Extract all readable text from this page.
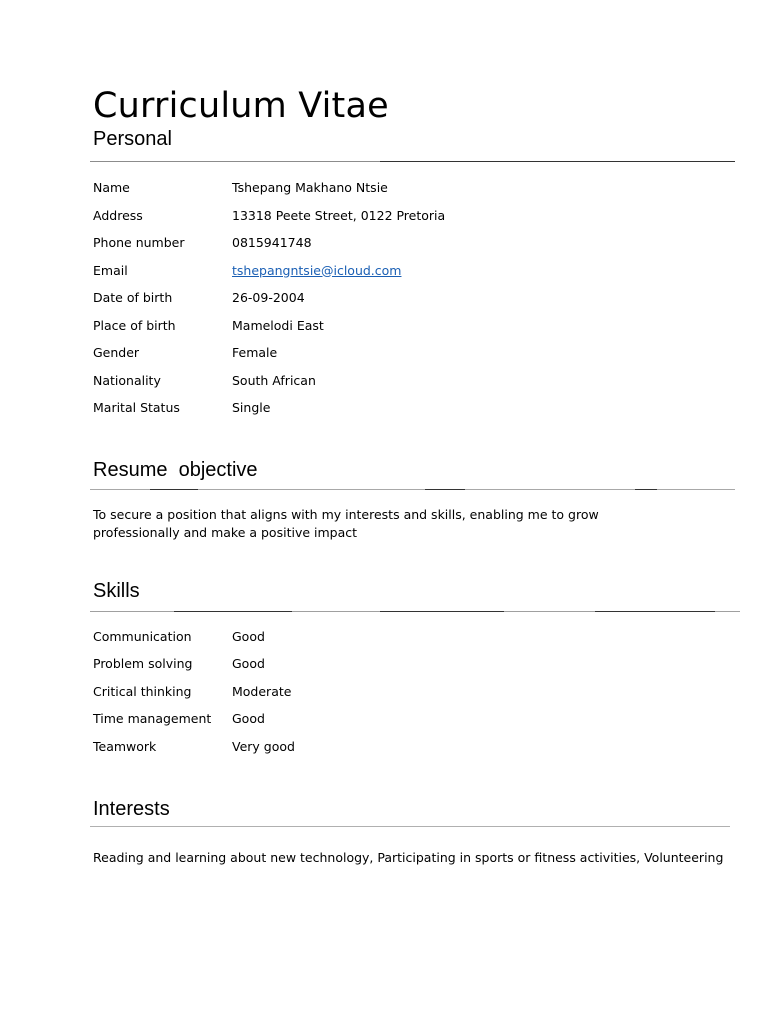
Curriculum Vitae
Personal
Name	Tshepang Makhano Ntsie
Address	13318 Peete Street, 0122 Pretoria
Phone number	0815941748
Email	tshepangntsie@icloud.com
Date of birth	26-09-2004
Place of birth	Mamelodi East
Gender	Female
Nationality	South African
Marital Status	Single
Resume  objective

To secure a position that aligns with my interests and skills, enabling me to grow professionally and make a positive impact

Skills
Communication	Good
Problem solving	Good
Critical thinking	Moderate
Time management	Good
Teamwork	Very good
Interests

Reading and learning about new technology, Participating in sports or fitness activities, Volunteering
